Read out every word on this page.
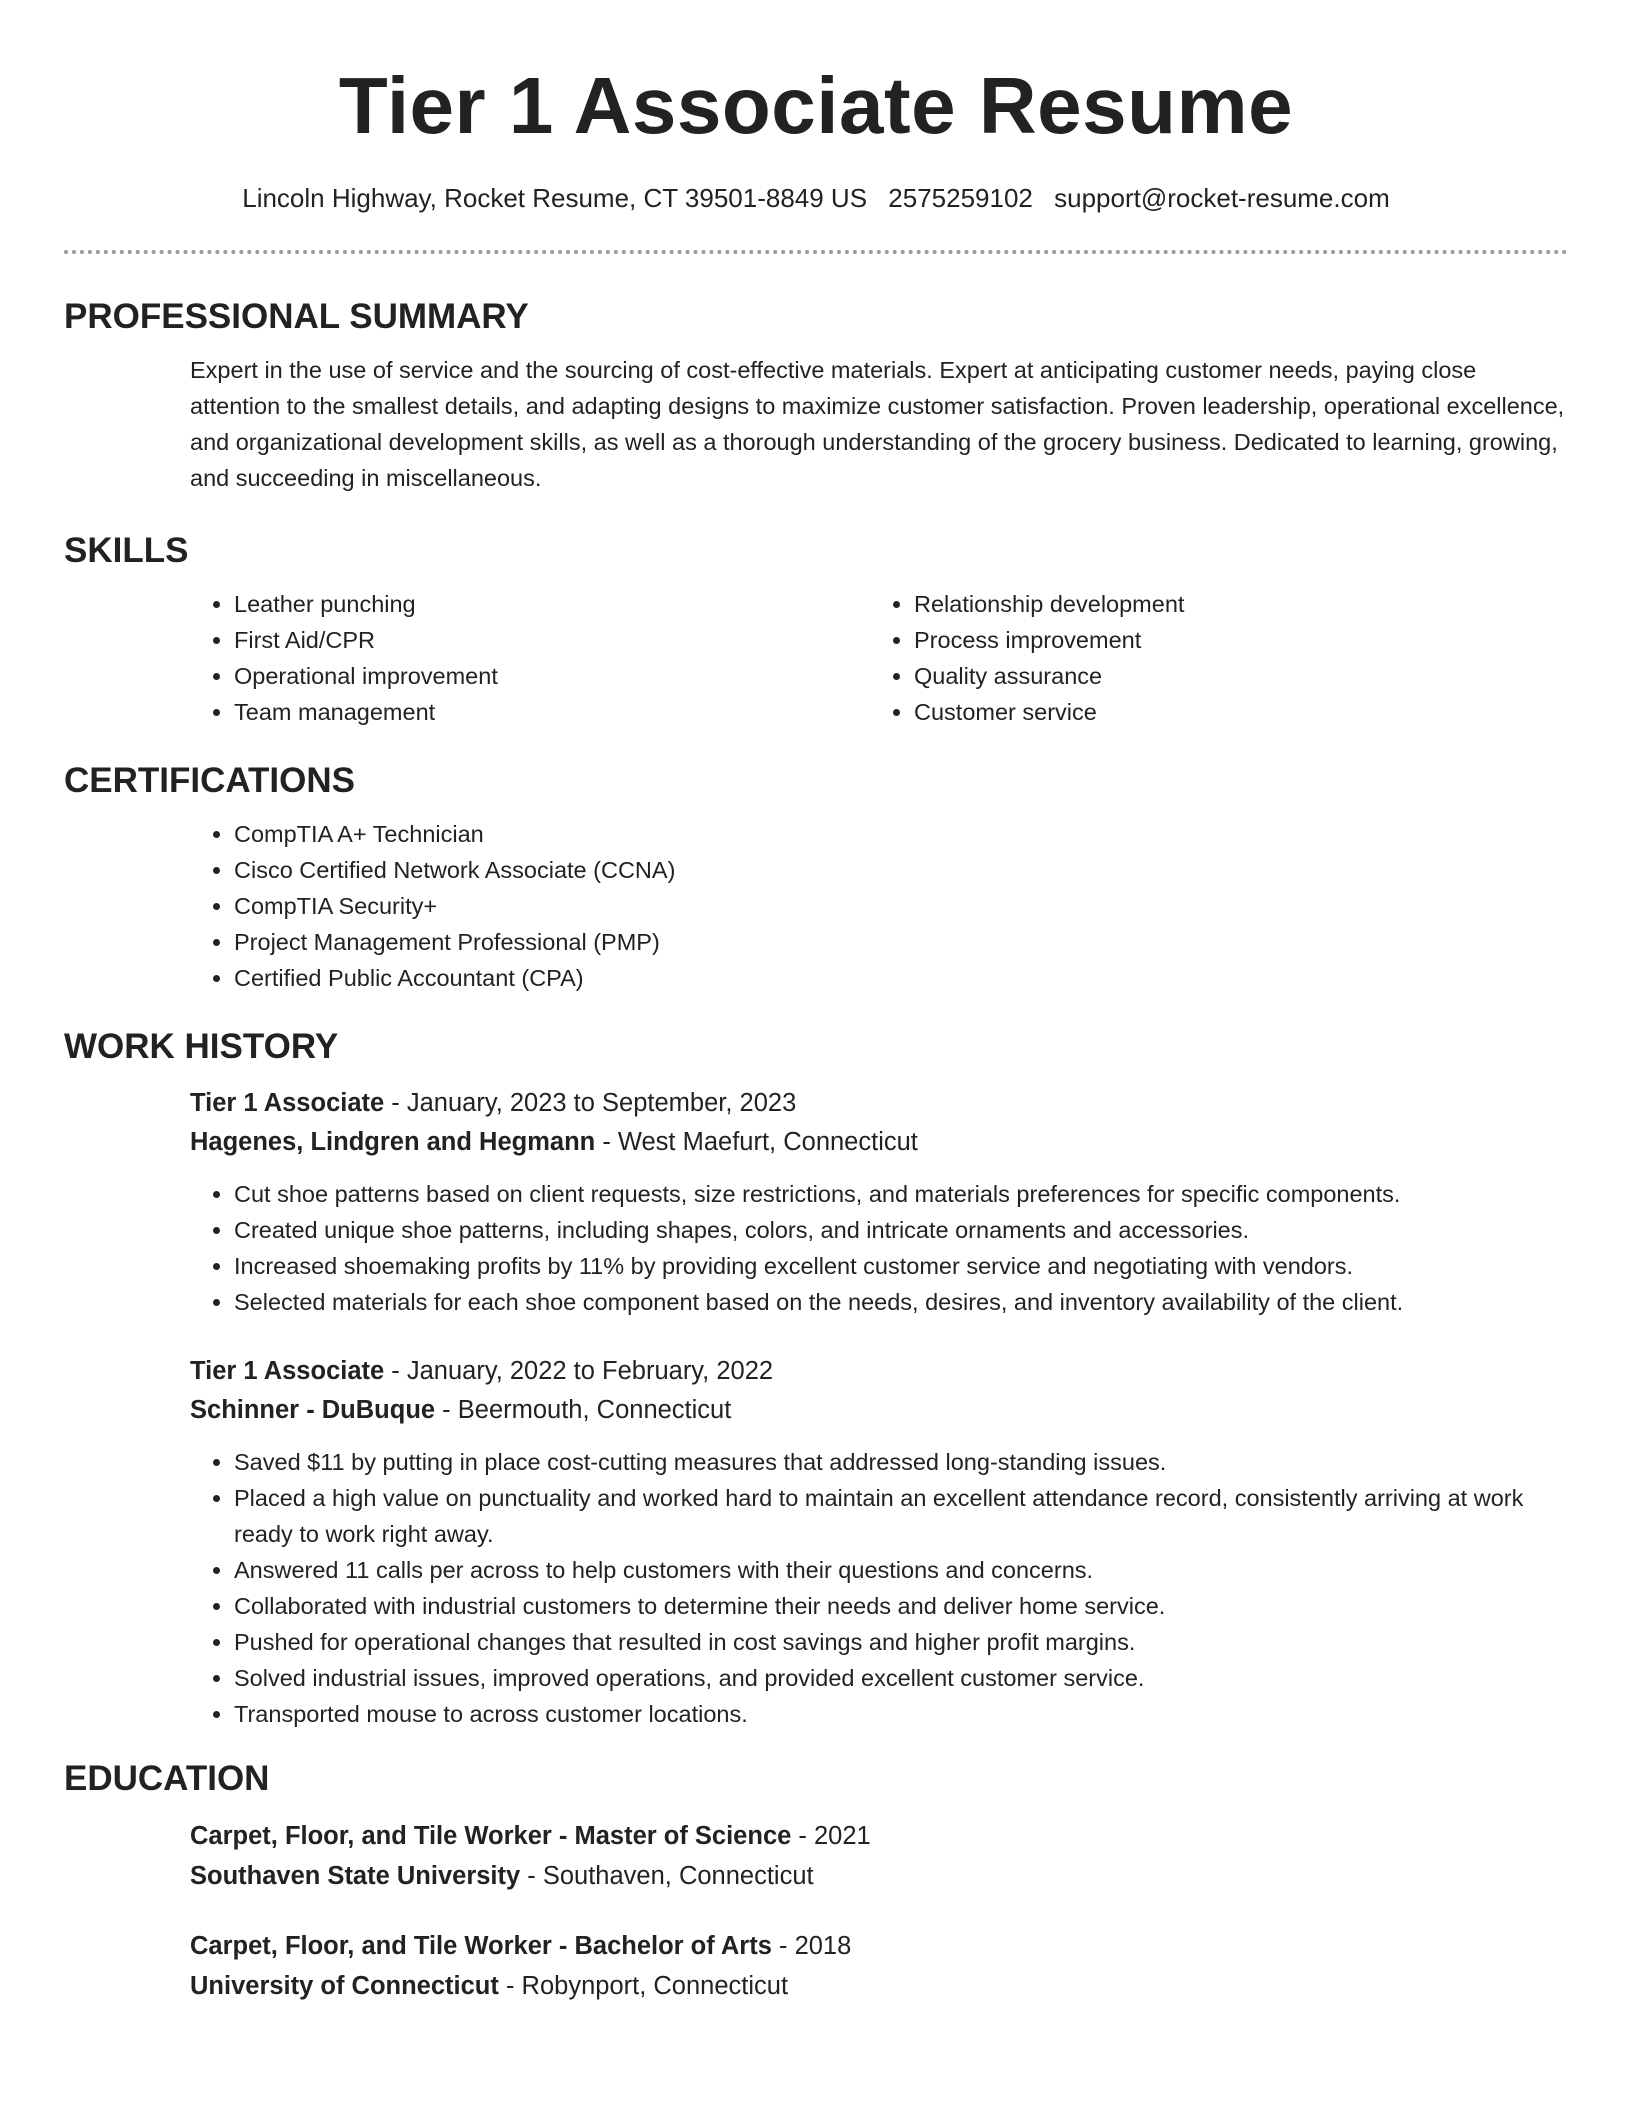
Tier 1 Associate Resume
Lincoln Highway, Rocket Resume, CT 39501-8849 US 2575259102 support@rocket-resume.com
PROFESSIONAL SUMMARY
Expert in the use of service and the sourcing of cost-effective materials. Expert at anticipating customer needs, paying close attention to the smallest details, and adapting designs to maximize customer satisfaction. Proven leadership, operational excellence, and organizational development skills, as well as a thorough understanding of the grocery business. Dedicated to learning, growing, and succeeding in miscellaneous.
SKILLS
• Leather punching
• First Aid/CPR
• Operational improvement
• Team management
• Relationship development
• Process improvement
• Quality assurance
• Customer service
CERTIFICATIONS
• CompTIA A+ Technician
• Cisco Certified Network Associate (CCNA)
• CompTIA Security+
• Project Management Professional (PMP)
• Certified Public Accountant (CPA)
WORK HISTORY
Tier 1 Associate - January, 2023 to September, 2023
Hagenes, Lindgren and Hegmann - West Maefurt, Connecticut
• Cut shoe patterns based on client requests, size restrictions, and materials preferences for specific components.
• Created unique shoe patterns, including shapes, colors, and intricate ornaments and accessories.
• Increased shoemaking profits by 11% by providing excellent customer service and negotiating with vendors.
• Selected materials for each shoe component based on the needs, desires, and inventory availability of the client.
Tier 1 Associate - January, 2022 to February, 2022
Schinner - DuBuque - Beermouth, Connecticut
• Saved $11 by putting in place cost-cutting measures that addressed long-standing issues.
• Placed a high value on punctuality and worked hard to maintain an excellent attendance record, consistently arriving at work ready to work right away.
• Answered 11 calls per across to help customers with their questions and concerns.
• Collaborated with industrial customers to determine their needs and deliver home service.
• Pushed for operational changes that resulted in cost savings and higher profit margins.
• Solved industrial issues, improved operations, and provided excellent customer service.
• Transported mouse to across customer locations.
EDUCATION
Carpet, Floor, and Tile Worker - Master of Science - 2021
Southaven State University - Southaven, Connecticut
Carpet, Floor, and Tile Worker - Bachelor of Arts - 2018
University of Connecticut - Robynport, Connecticut
